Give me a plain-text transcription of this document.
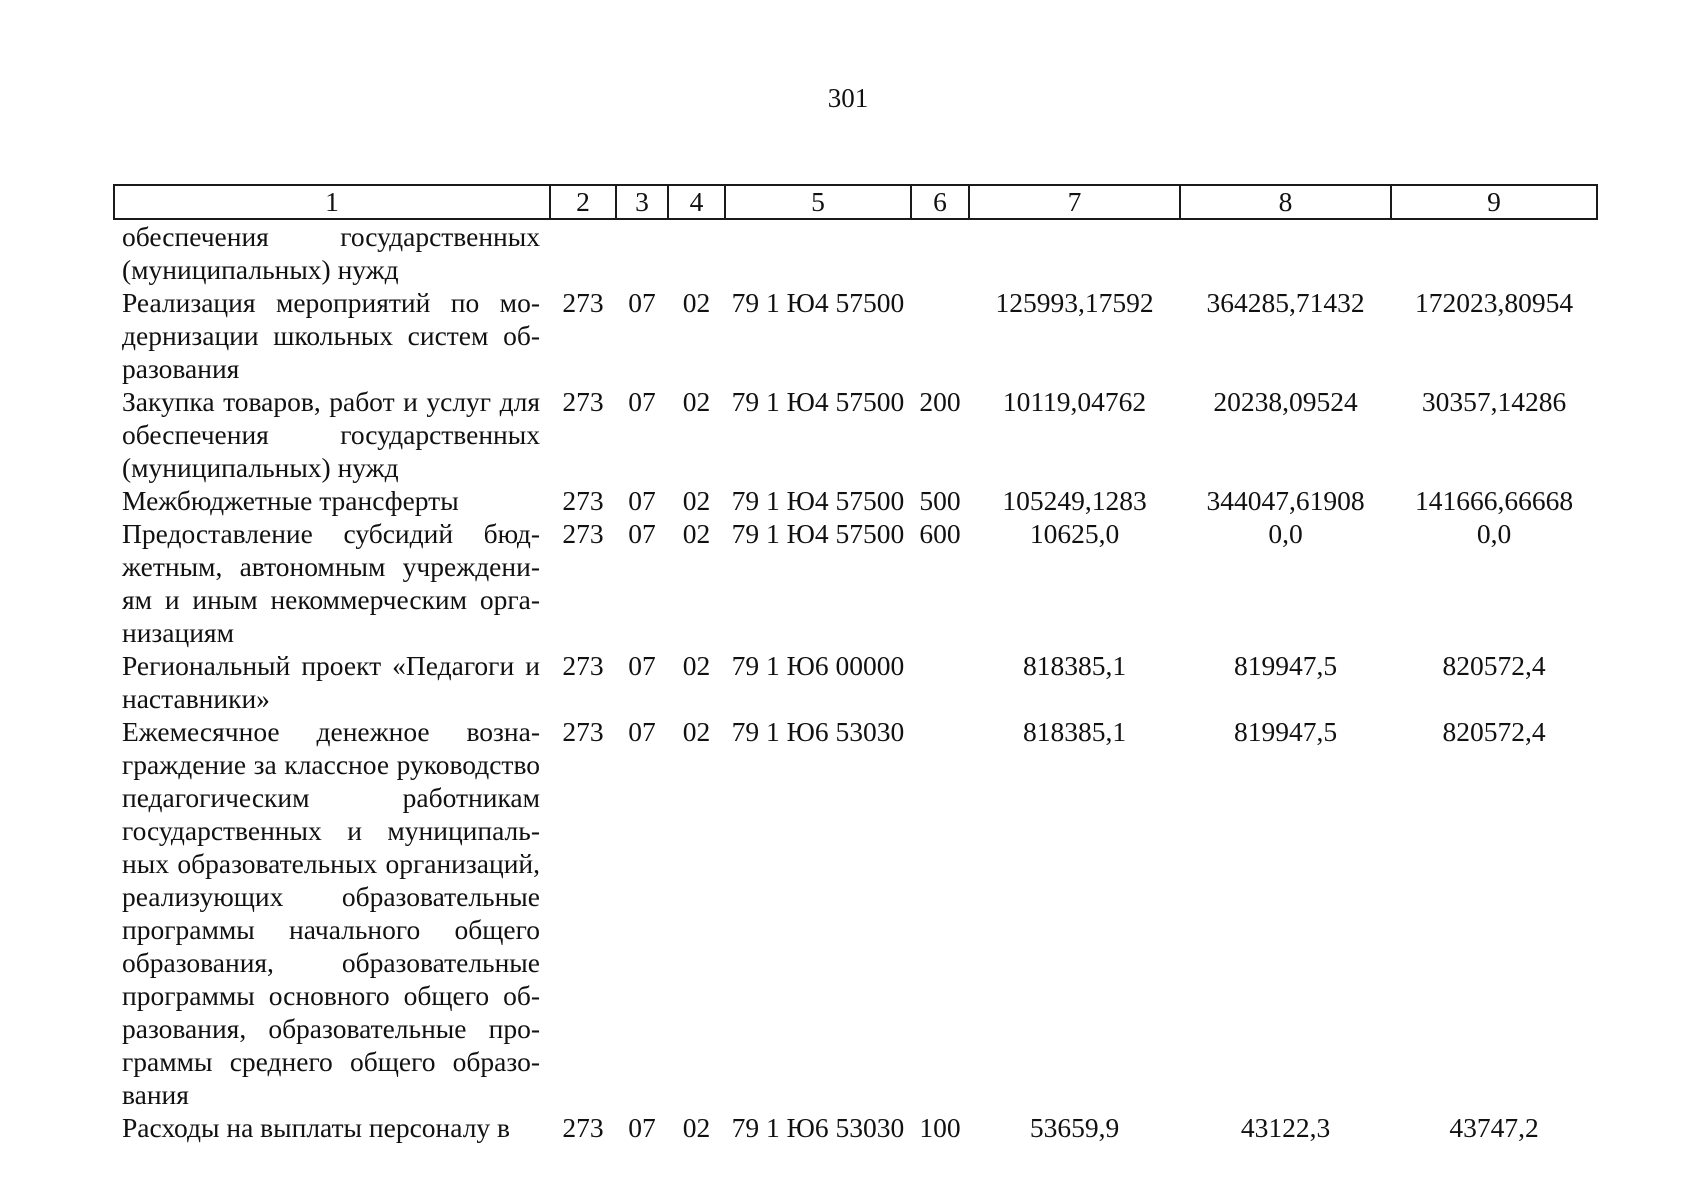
301
1	2	3	4	5	6	7	8	9
обеспечения государственных (муниципальных) нужд								
Реализация мероприятий по модернизации школьных систем образования	273	07	02	79 1 Ю4 57500		125993,17592	364285,71432	172023,80954
Закупка товаров, работ и услуг для обеспечения государственных (муниципальных) нужд	273	07	02	79 1 Ю4 57500	200	10119,04762	20238,09524	30357,14286
Межбюджетные трансферты	273	07	02	79 1 Ю4 57500	500	105249,1283	344047,61908	141666,66668
Предоставление субсидий бюджетным, автономным учреждениям и иным некоммерческим организациям	273	07	02	79 1 Ю4 57500	600	10625,0	0,0	0,0
Региональный проект «Педагоги и наставники»	273	07	02	79 1 Ю6 00000		818385,1	819947,5	820572,4
Ежемесячное денежное вознаграждение за классное руководство педагогическим работникам государственных и муниципальных образовательных организаций, реализующих образовательные программы начального общего образования, образовательные программы основного общего образования, образовательные программы среднего общего образования	273	07	02	79 1 Ю6 53030		818385,1	819947,5	820572,4
Расходы на выплаты персоналу в	273	07	02	79 1 Ю6 53030	100	53659,9	43122,3	43747,2
